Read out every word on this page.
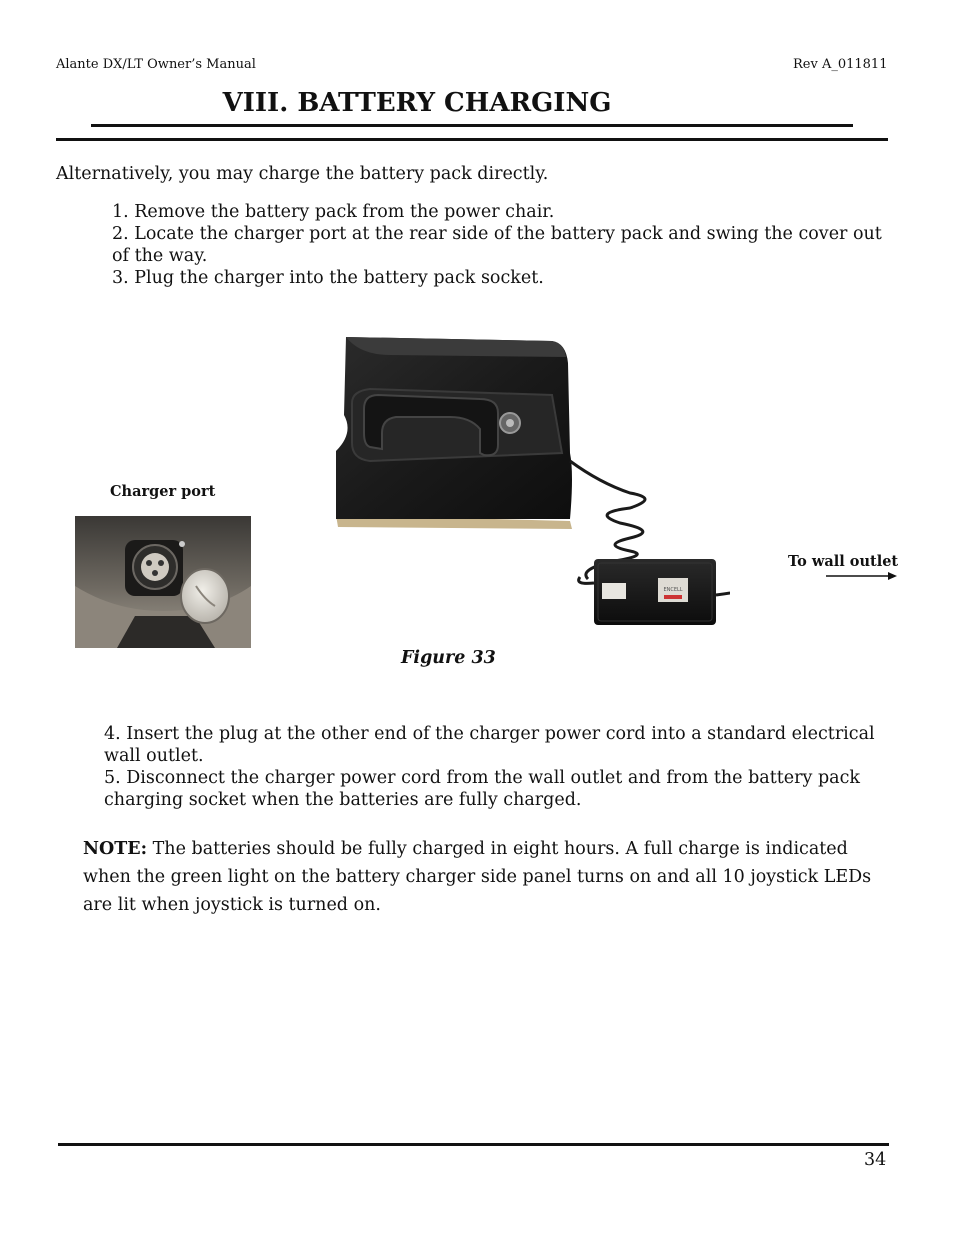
Alante DX/LT Owner’s Manual	Rev A_011811
VIII. BATTERY CHARGING
Alternatively, you may charge the battery pack directly.
1. Remove the battery pack from the power chair.
2. Locate the charger port at the rear side of the battery pack and swing the cover out
of the way.
3. Plug the charger into the battery pack socket.
Charger port
ENCELL
To wall outlet
Figure 33
4. Insert the plug at the other end of the charger power cord into a standard electrical
wall outlet.
5. Disconnect the charger power cord from the wall outlet and from the battery pack
charging socket when the batteries are fully charged.
NOTE: The batteries should be fully charged in eight hours. A full charge is indicated
when the green light on the battery charger side panel turns on and all 10 joystick LEDs
are lit when joystick is turned on.
34
